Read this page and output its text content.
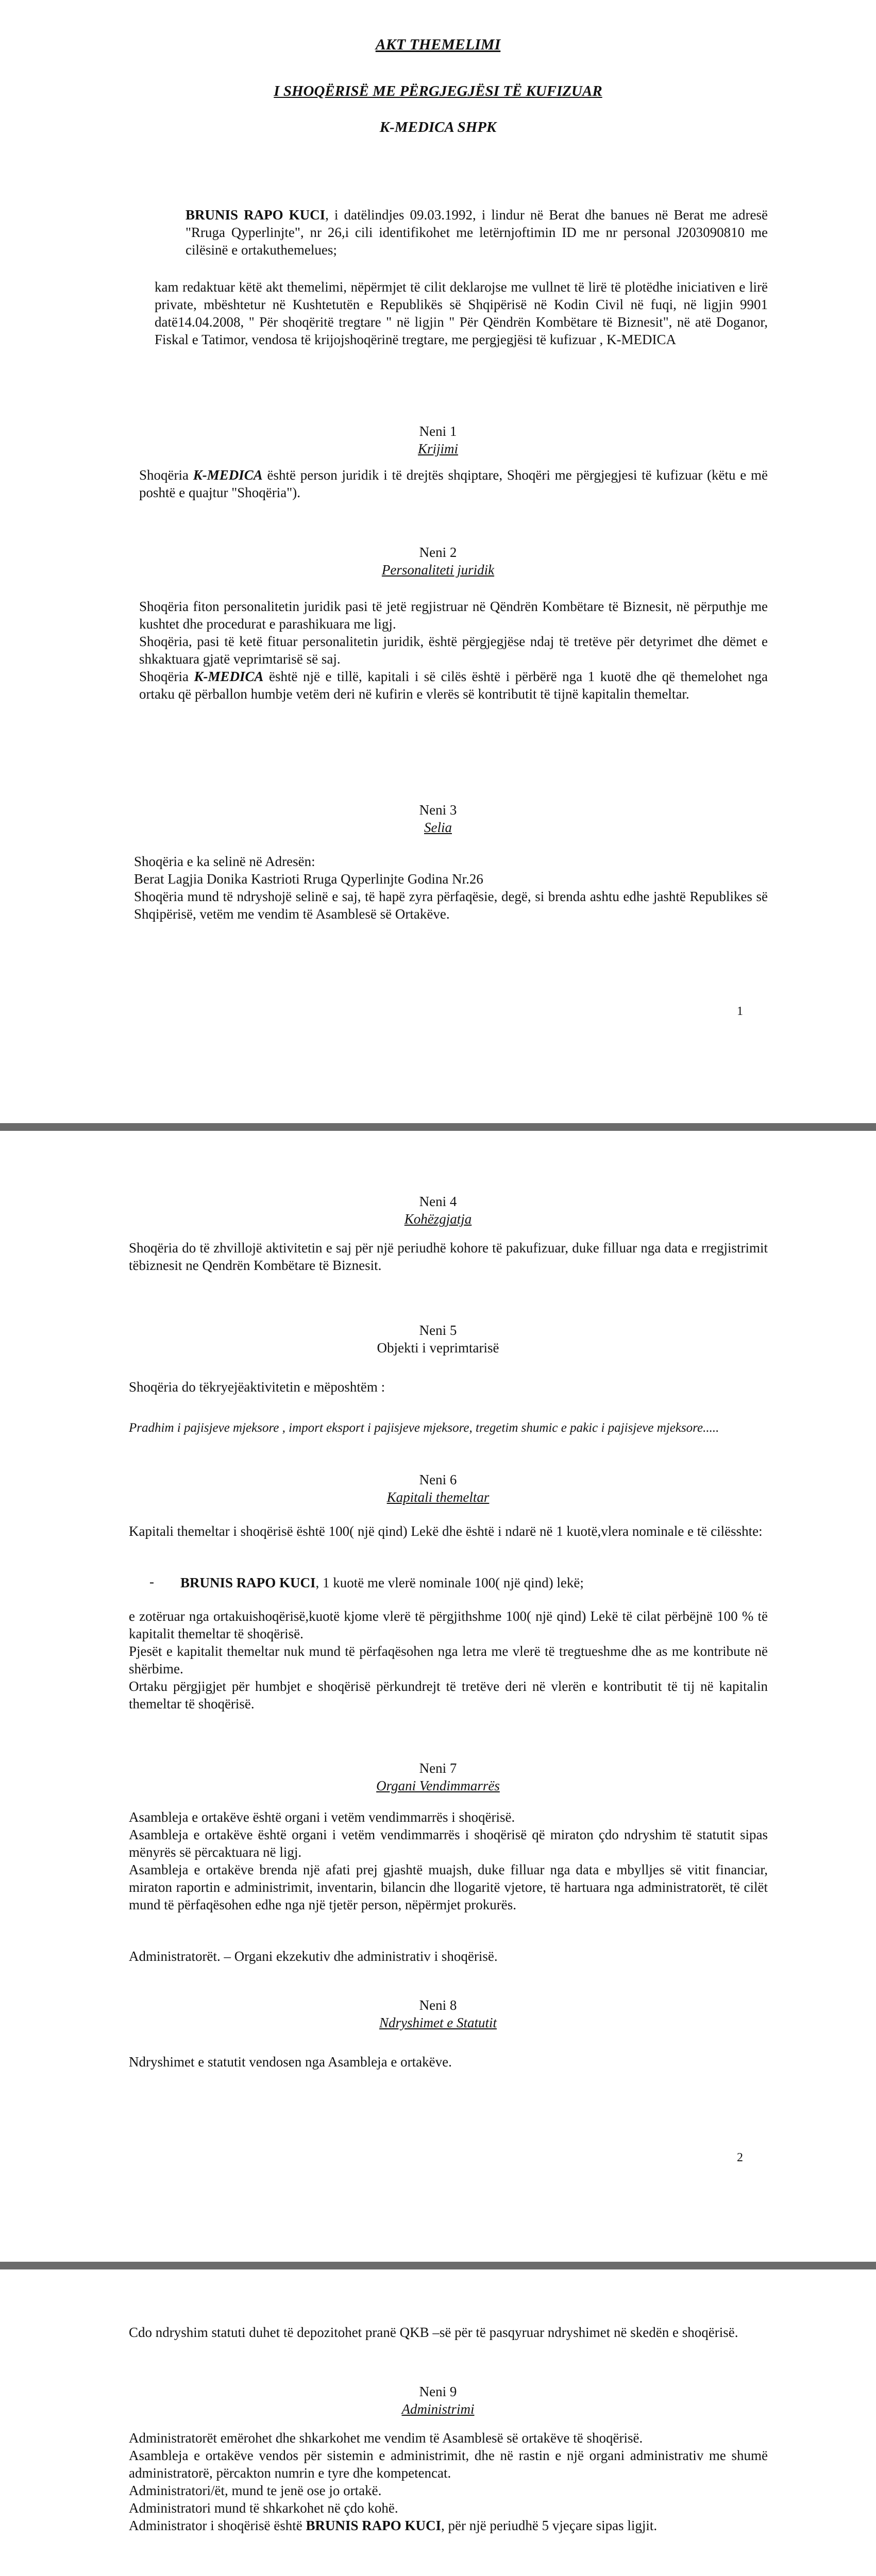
AKT THEMELIMI
I SHOQËRISË ME PËRGJEGJËSI TË KUFIZUAR
K-MEDICA SHPK
BRUNIS RAPO KUCI, i datëlindjes 09.03.1992, i lindur në Berat dhe banues në Berat me adresë "Rruga Qyperlinjte", nr 26,i cili identifikohet me letërnjoftimin ID me nr personal J203090810 me cilësinë e ortakuthemelues;
kam redaktuar këtë akt themelimi, nëpërmjet të cilit deklarojse me vullnet të lirë të plotëdhe iniciativen e lirë private, mbështetur në Kushtetutën e Republikës së Shqipërisë në Kodin Civil në fuqi, në ligjin 9901 datë14.04.2008, " Për shoqëritë tregtare " në ligjin " Për Qëndrën Kombëtare të Biznesit", në atë Doganor, Fiskal e Tatimor, vendosa të krijojshoqërinë tregtare, me pergjegjësi të kufizuar , K-MEDICA
Neni 1
Krijimi
Shoqëria K-MEDICA është person juridik i të drejtës shqiptare, Shoqëri me përgjegjesi të kufizuar (këtu e më poshtë e quajtur "Shoqëria").
Neni 2
Personaliteti juridik
Shoqëria fiton personalitetin juridik pasi të jetë regjistruar në Qëndrën Kombëtare të Biznesit, në përputhje me kushtet dhe procedurat e parashikuara me ligj.
Shoqëria, pasi të ketë fituar personalitetin juridik, është përgjegjëse ndaj të tretëve për detyrimet dhe dëmet e shkaktuara gjatë veprimtarisë së saj.
Shoqëria K-MEDICA është një e tillë, kapitali i së cilës është i përbërë nga 1 kuotë dhe që themelohet nga ortaku që përballon humbje vetëm deri në kufirin e vlerës së kontributit të tijnë kapitalin themeltar.
Neni 3
Selia
Shoqëria e ka selinë në Adresën:
Berat Lagjia Donika Kastrioti Rruga Qyperlinjte Godina Nr.26
Shoqëria mund të ndryshojë selinë e saj, të hapë zyra përfaqësie, degë, si brenda ashtu edhe jashtë Republikes së Shqipërisë, vetëm me vendim të Asamblesë së Ortakëve.
1
Neni 4
Kohëzgjatja
Shoqëria do të zhvillojë aktivitetin e saj për një periudhë kohore të pakufizuar, duke filluar nga data e rregjistrimit tëbiznesit ne Qendrën Kombëtare të Biznesit.
Neni 5
Objekti i veprimtarisë
Shoqëria do tëkryejëaktivitetin e mëposhtëm :
Pradhim i pajisjeve mjeksore , import eksport i pajisjeve mjeksore, tregetim shumic e pakic i pajisjeve mjeksore.....
Neni 6
Kapitali themeltar
Kapitali themeltar i shoqërisë është 100( një qind) Lekë dhe është i ndarë në 1 kuotë,vlera nominale e të cilësshte:
- BRUNIS RAPO KUCI, 1 kuotë me vlerë nominale 100( një qind) lekë;
e zotëruar nga ortakuishoqërisë,kuotë kjome vlerë të përgjithshme 100( një qind) Lekë të cilat përbëjnë 100 % të kapitalit themeltar të shoqërisë.
Pjesët e kapitalit themeltar nuk mund të përfaqësohen nga letra me vlerë të tregtueshme dhe as me kontribute në shërbime.
Ortaku përgjigjet për humbjet e shoqërisë përkundrejt të tretëve deri në vlerën e kontributit të tij në kapitalin themeltar të shoqërisë.
Neni 7
Organi Vendimmarrës
Asambleja e ortakëve është organi i vetëm vendimmarrës i shoqërisë.
Asambleja e ortakëve është organi i vetëm vendimmarrës i shoqërisë që miraton çdo ndryshim të statutit sipas mënyrës së përcaktuara në ligj.
Asambleja e ortakëve brenda një afati prej gjashtë muajsh, duke filluar nga data e mbylljes së vitit financiar, miraton raportin e administrimit, inventarin, bilancin dhe llogaritë vjetore, të hartuara nga administratorët, të cilët mund të përfaqësohen edhe nga një tjetër person, nëpërmjet prokurës.
Administratorët. – Organi ekzekutiv dhe administrativ i shoqërisë.
Neni 8
Ndryshimet e Statutit
Ndryshimet e statutit vendosen nga Asambleja e ortakëve.
2
Cdo ndryshim statuti duhet të depozitohet pranë QKB –së për të pasqyruar ndryshimet në skedën e shoqërisë.
Neni 9
Administrimi
Administratorët emërohet dhe shkarkohet me vendim të Asamblesë së ortakëve të shoqërisë.
Asambleja e ortakëve vendos për sistemin e administrimit, dhe në rastin e një organi administrativ me shumë administratorë, përcakton numrin e tyre dhe kompetencat.
Administratori/ët, mund te jenë ose jo ortakë.
Administratori mund të shkarkohet në çdo kohë.
Administrator i shoqërisë është BRUNIS RAPO KUCI, për një periudhë 5 vjeçare sipas ligjit.
